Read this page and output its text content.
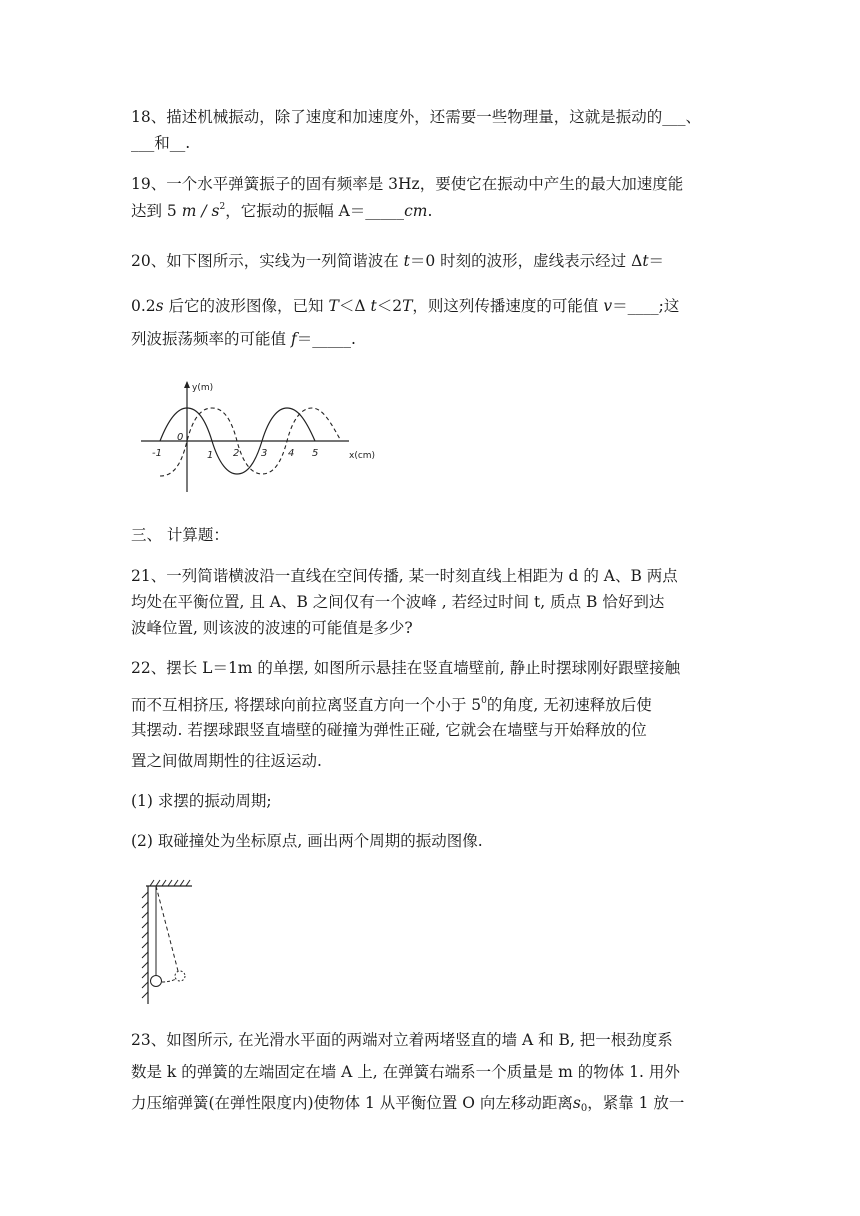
18、描述机械振动，除了速度和加速度外，还需要一些物理量，这就是振动的___、
___和__.
19、一个水平弹簧振子的固有频率是 3Hz，要使它在振动中产生的最大加速度能
达到 5 m / $s^2$，它振动的振幅 A＝_____cm.
20、如下图所示，实线为一列简谐波在 t＝0 时刻的波形，虚线表示经过 Δt＝
0.2s 后它的波形图像，已知 T＜Δ t＜2T，则这列传播速度的可能值 v＝____;这
列波振荡频率的可能值 f＝_____.
y(m)
x(cm)
0
-1	1 2 3 4 5
三、 计算题：
21、一列简谐横波沿一直线在空间传播, 某一时刻直线上相距为 d 的 A、B 两点
均处在平衡位置, 且 A、B 之间仅有一个波峰 , 若经过时间 t, 质点 B 恰好到达
波峰位置, 则该波的波速的可能值是多少?
22、摆长 L＝1m 的单摆, 如图所示悬挂在竖直墙壁前, 静止时摆球刚好跟壁接触
而不互相挤压, 将摆球向前拉离竖直方向一个小于 $5^0$的角度, 无初速释放后使
其摆动. 若摆球跟竖直墙壁的碰撞为弹性正碰, 它就会在墙壁与开始释放的位
置之间做周期性的往返运动.
(1) 求摆的振动周期;
(2) 取碰撞处为坐标原点, 画出两个周期的振动图像.
23、如图所示, 在光滑水平面的两端对立着两堵竖直的墙 A 和 B, 把一根劲度系
数是 k 的弹簧的左端固定在墙 A 上, 在弹簧右端系一个质量是 m 的物体 1. 用外
力压缩弹簧(在弹性限度内)使物体 1 从平衡位置 O 向左移动距离$s_0$，紧靠 1 放一
